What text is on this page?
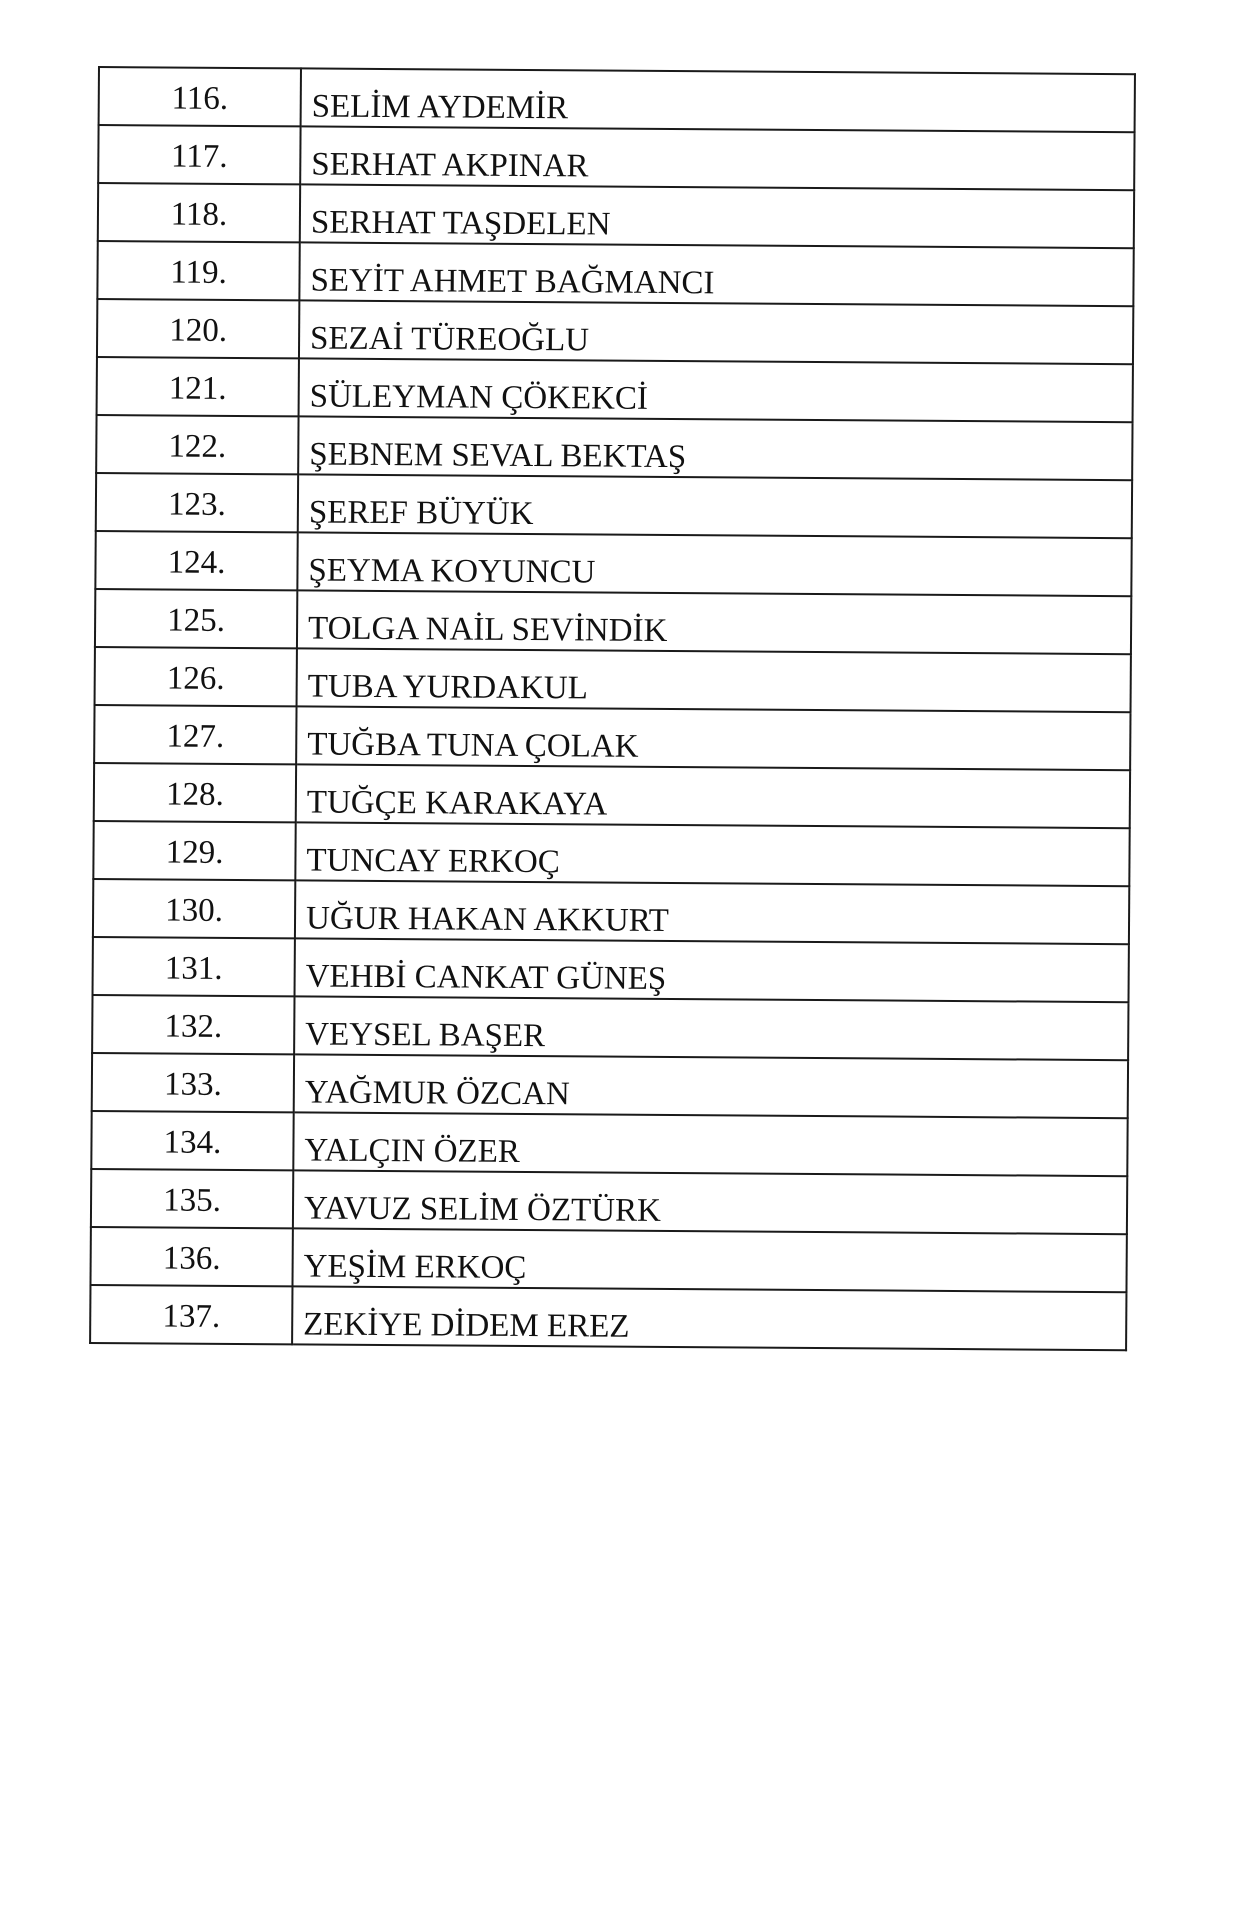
116.	SELİM AYDEMİR
117.	SERHAT AKPINAR
118.	SERHAT TAŞDELEN
119.	SEYİT AHMET BAĞMANCI
120.	SEZAİ TÜREOĞLU
121.	SÜLEYMAN ÇÖKEKCİ
122.	ŞEBNEM SEVAL BEKTAŞ
123.	ŞEREF BÜYÜK
124.	ŞEYMA KOYUNCU
125.	TOLGA NAİL SEVİNDİK
126.	TUBA YURDAKUL
127.	TUĞBA TUNA ÇOLAK
128.	TUĞÇE KARAKAYA
129.	TUNCAY ERKOÇ
130.	UĞUR HAKAN AKKURT
131.	VEHBİ CANKAT GÜNEŞ
132.	VEYSEL BAŞER
133.	YAĞMUR ÖZCAN
134.	YALÇIN ÖZER
135.	YAVUZ SELİM ÖZTÜRK
136.	YEŞİM ERKOÇ
137.	ZEKİYE DİDEM EREZ
